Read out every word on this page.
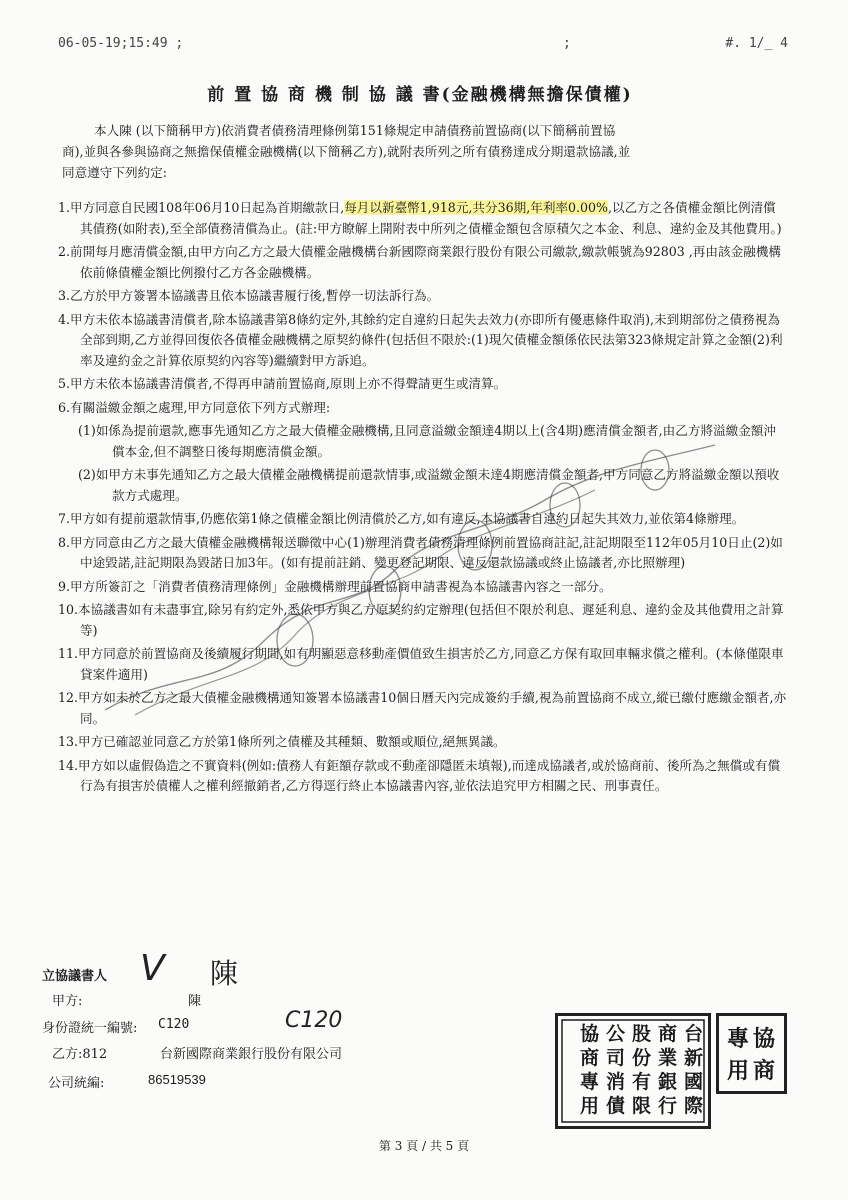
06-05-19;15:49 ;	;	#. 1/_ 4
前 置 協 商 機 制 協 議 書(金融機構無擔保債權)

本人陳 (以下簡稱甲方)依消費者債務清理條例第151條規定申請債務前置協商(以下簡稱前置協

商),並與各參與協商之無擔保債權金融機構(以下簡稱乙方),就附表所列之所有債務達成分期還款協議,並

同意遵守下列約定:

1.甲方同意自民國108年06月10日起為首期繳款日,每月以新臺幣1,918元,共分36期,年利率0.00%,以乙方之各債權金額比例清償其債務(如附表),至全部債務清償為止。(註:甲方瞭解上開附表中所列之債權金額包含原積欠之本金、利息、違約金及其他費用。)

2.前開每月應清償金額,由甲方向乙方之最大債權金融機構台新國際商業銀行股份有限公司繳款,繳款帳號為92803 ,再由該金融機構依前條債權金額比例撥付乙方各金融機構。

3.乙方於甲方簽署本協議書且依本協議書履行後,暫停一切法訴行為。

4.甲方未依本協議書清償者,除本協議書第8條約定外,其餘約定自違約日起失去效力(亦即所有優惠條件取消),未到期部份之債務視為全部到期,乙方並得回復依各債權金融機構之原契約條件(包括但不限於:(1)現欠債權金額係依民法第323條規定計算之金額(2)利率及違約金之計算依原契約內容等)繼續對甲方訴追。

5.甲方未依本協議書清償者,不得再申請前置協商,原則上亦不得聲請更生或清算。

6.有關溢繳金額之處理,甲方同意依下列方式辦理:

(1)如係為提前還款,應事先通知乙方之最大債權金融機構,且同意溢繳金額達4期以上(含4期)應清償金額者,由乙方將溢繳金額沖償本金,但不調整日後每期應清償金額。

(2)如甲方未事先通知乙方之最大債權金融機構提前還款情事,或溢繳金額未達4期應清償金額者,甲方同意乙方將溢繳金額以預收款方式處理。

7.甲方如有提前還款情事,仍應依第1條之債權金額比例清償於乙方,如有違反,本協議書自違約日起失其效力,並依第4條辦理。

8.甲方同意由乙方之最大債權金融機構報送聯徵中心(1)辦理消費者債務清理條例前置協商註記,註記期限至112年05月10日止(2)如中途毀諾,註記期限為毀諾日加3年。(如有提前註銷、變更登記期限、違反還款協議或終止協議者,亦比照辦理)

9.甲方所簽訂之「消費者債務清理條例」金融機構辦理前置協商申請書視為本協議書內容之一部分。

10.本協議書如有未盡事宜,除另有約定外,悉依甲方與乙方原契約約定辦理(包括但不限於利息、遲延利息、違約金及其他費用之計算等)

11.甲方同意於前置協商及後續履行期間,如有明顯惡意移動產價值致生損害於乙方,同意乙方保有取回車輛求償之權利。(本條僅限車貸案件適用)

12.甲方如未於乙方之最大債權金融機構通知簽署本協議書10個日曆天內完成簽約手續,視為前置協商不成立,縱已繳付應繳金額者,亦同。

13.甲方已確認並同意乙方於第1條所列之債權及其種類、數額或順位,絕無異議。

14.甲方如以虛假偽造之不實資料(例如:債務人有鉅額存款或不動產卻隱匿未填報),而達成協議者,或於協商前、後所為之無償或有償行為有損害於債權人之權利經撤銷者,乙方得逕行終止本協議書內容,並依法追究甲方相關之民、刑事責任。

立協議書人 V 陳
甲方:	陳
身份證統一編號: C120	C120
乙方:812	台新國際商業銀行股份有限公司
公司統編:	86519539
台
新
國
際
商
業
銀
行
股
份
有
限
公
司
消
債
協
商
專
用
協
商
專
用
第 3 頁 / 共 5 頁
